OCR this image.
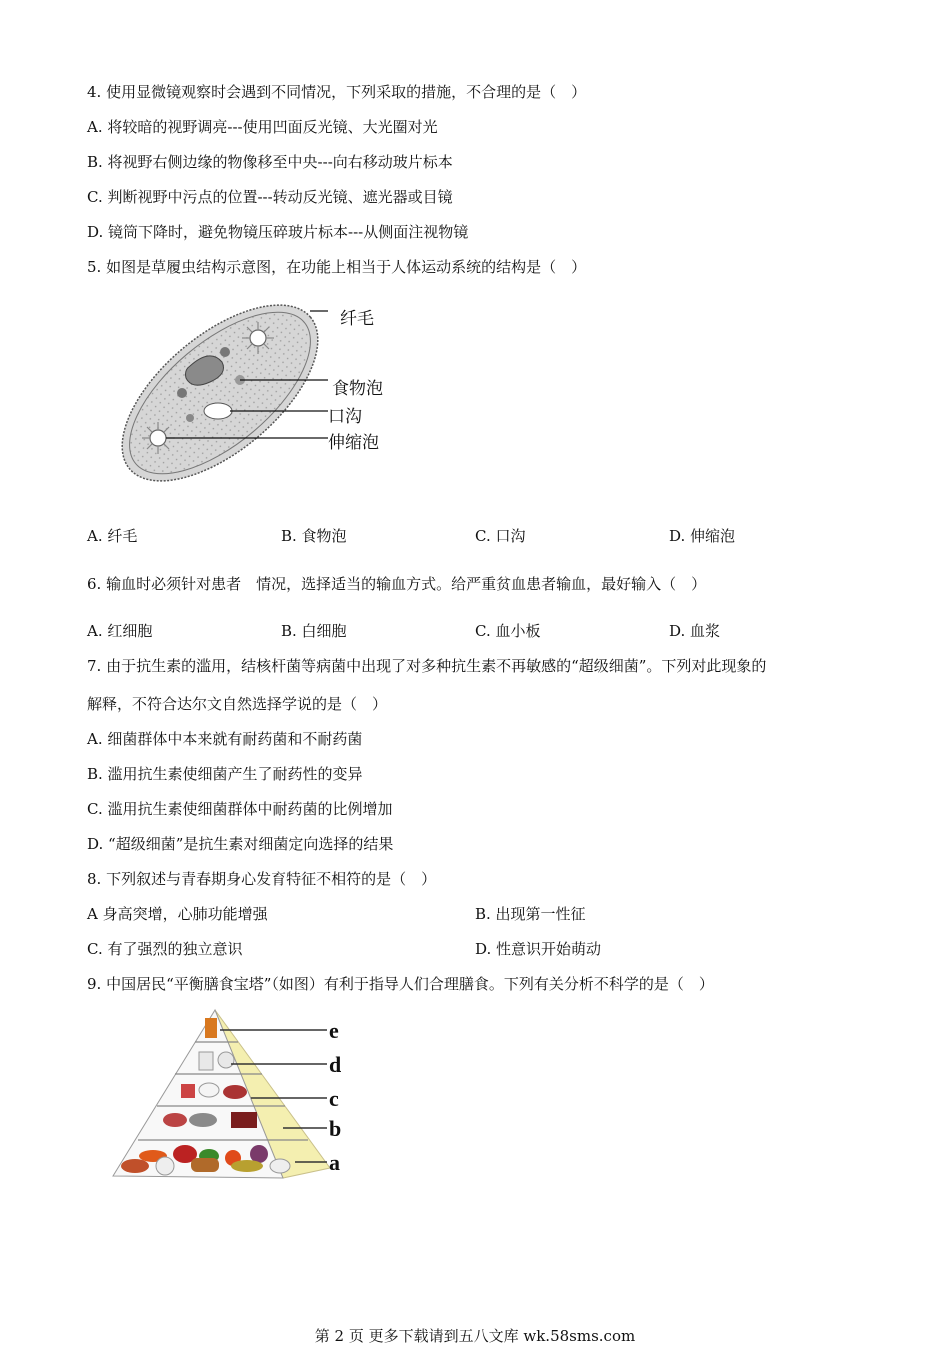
4. 使用显微镜观察时会遇到不同情况，下列采取的措施，不合理的是（　）
A. 将较暗的视野调亮---使用凹面反光镜、大光圈对光
B. 将视野右侧边缘的物像移至中央---向右移动玻片标本
C. 判断视野中污点的位置---转动反光镜、遮光器或目镜
D. 镜筒下降时，避免物镜压碎玻片标本---从侧面注视物镜
5. 如图是草履虫结构示意图，在功能上相当于人体运动系统的结构是（　）
纤毛
食物泡
口沟
伸缩泡
A. 纤毛	B. 食物泡	C. 口沟	D. 伸缩泡
6. 输血时必须针对患者　情况，选择适当的输血方式。给严重贫血患者输血，最好输入（　）
A. 红细胞	B. 白细胞	C. 血小板	D. 血浆
7. 由于抗生素的滥用，结核杆菌等病菌中出现了对多种抗生素不再敏感的“超级细菌”。下列对此现象的
解释，不符合达尔文自然选择学说的是（　）
A. 细菌群体中本来就有耐药菌和不耐药菌
B. 滥用抗生素使细菌产生了耐药性的变异
C. 滥用抗生素使细菌群体中耐药菌的比例增加
D. “超级细菌”是抗生素对细菌定向选择的结果
8. 下列叙述与青春期身心发育特征不相符的是（　）
A 身高突增，心肺功能增强	B. 出现第一性征
C. 有了强烈的独立意识	D. 性意识开始萌动
9. 中国居民“平衡膳食宝塔”（如图）有利于指导人们合理膳食。下列有关分析不科学的是（　）
e
d
c
b
a
第 2 页 更多下载请到五八文库 wk.58sms.com
